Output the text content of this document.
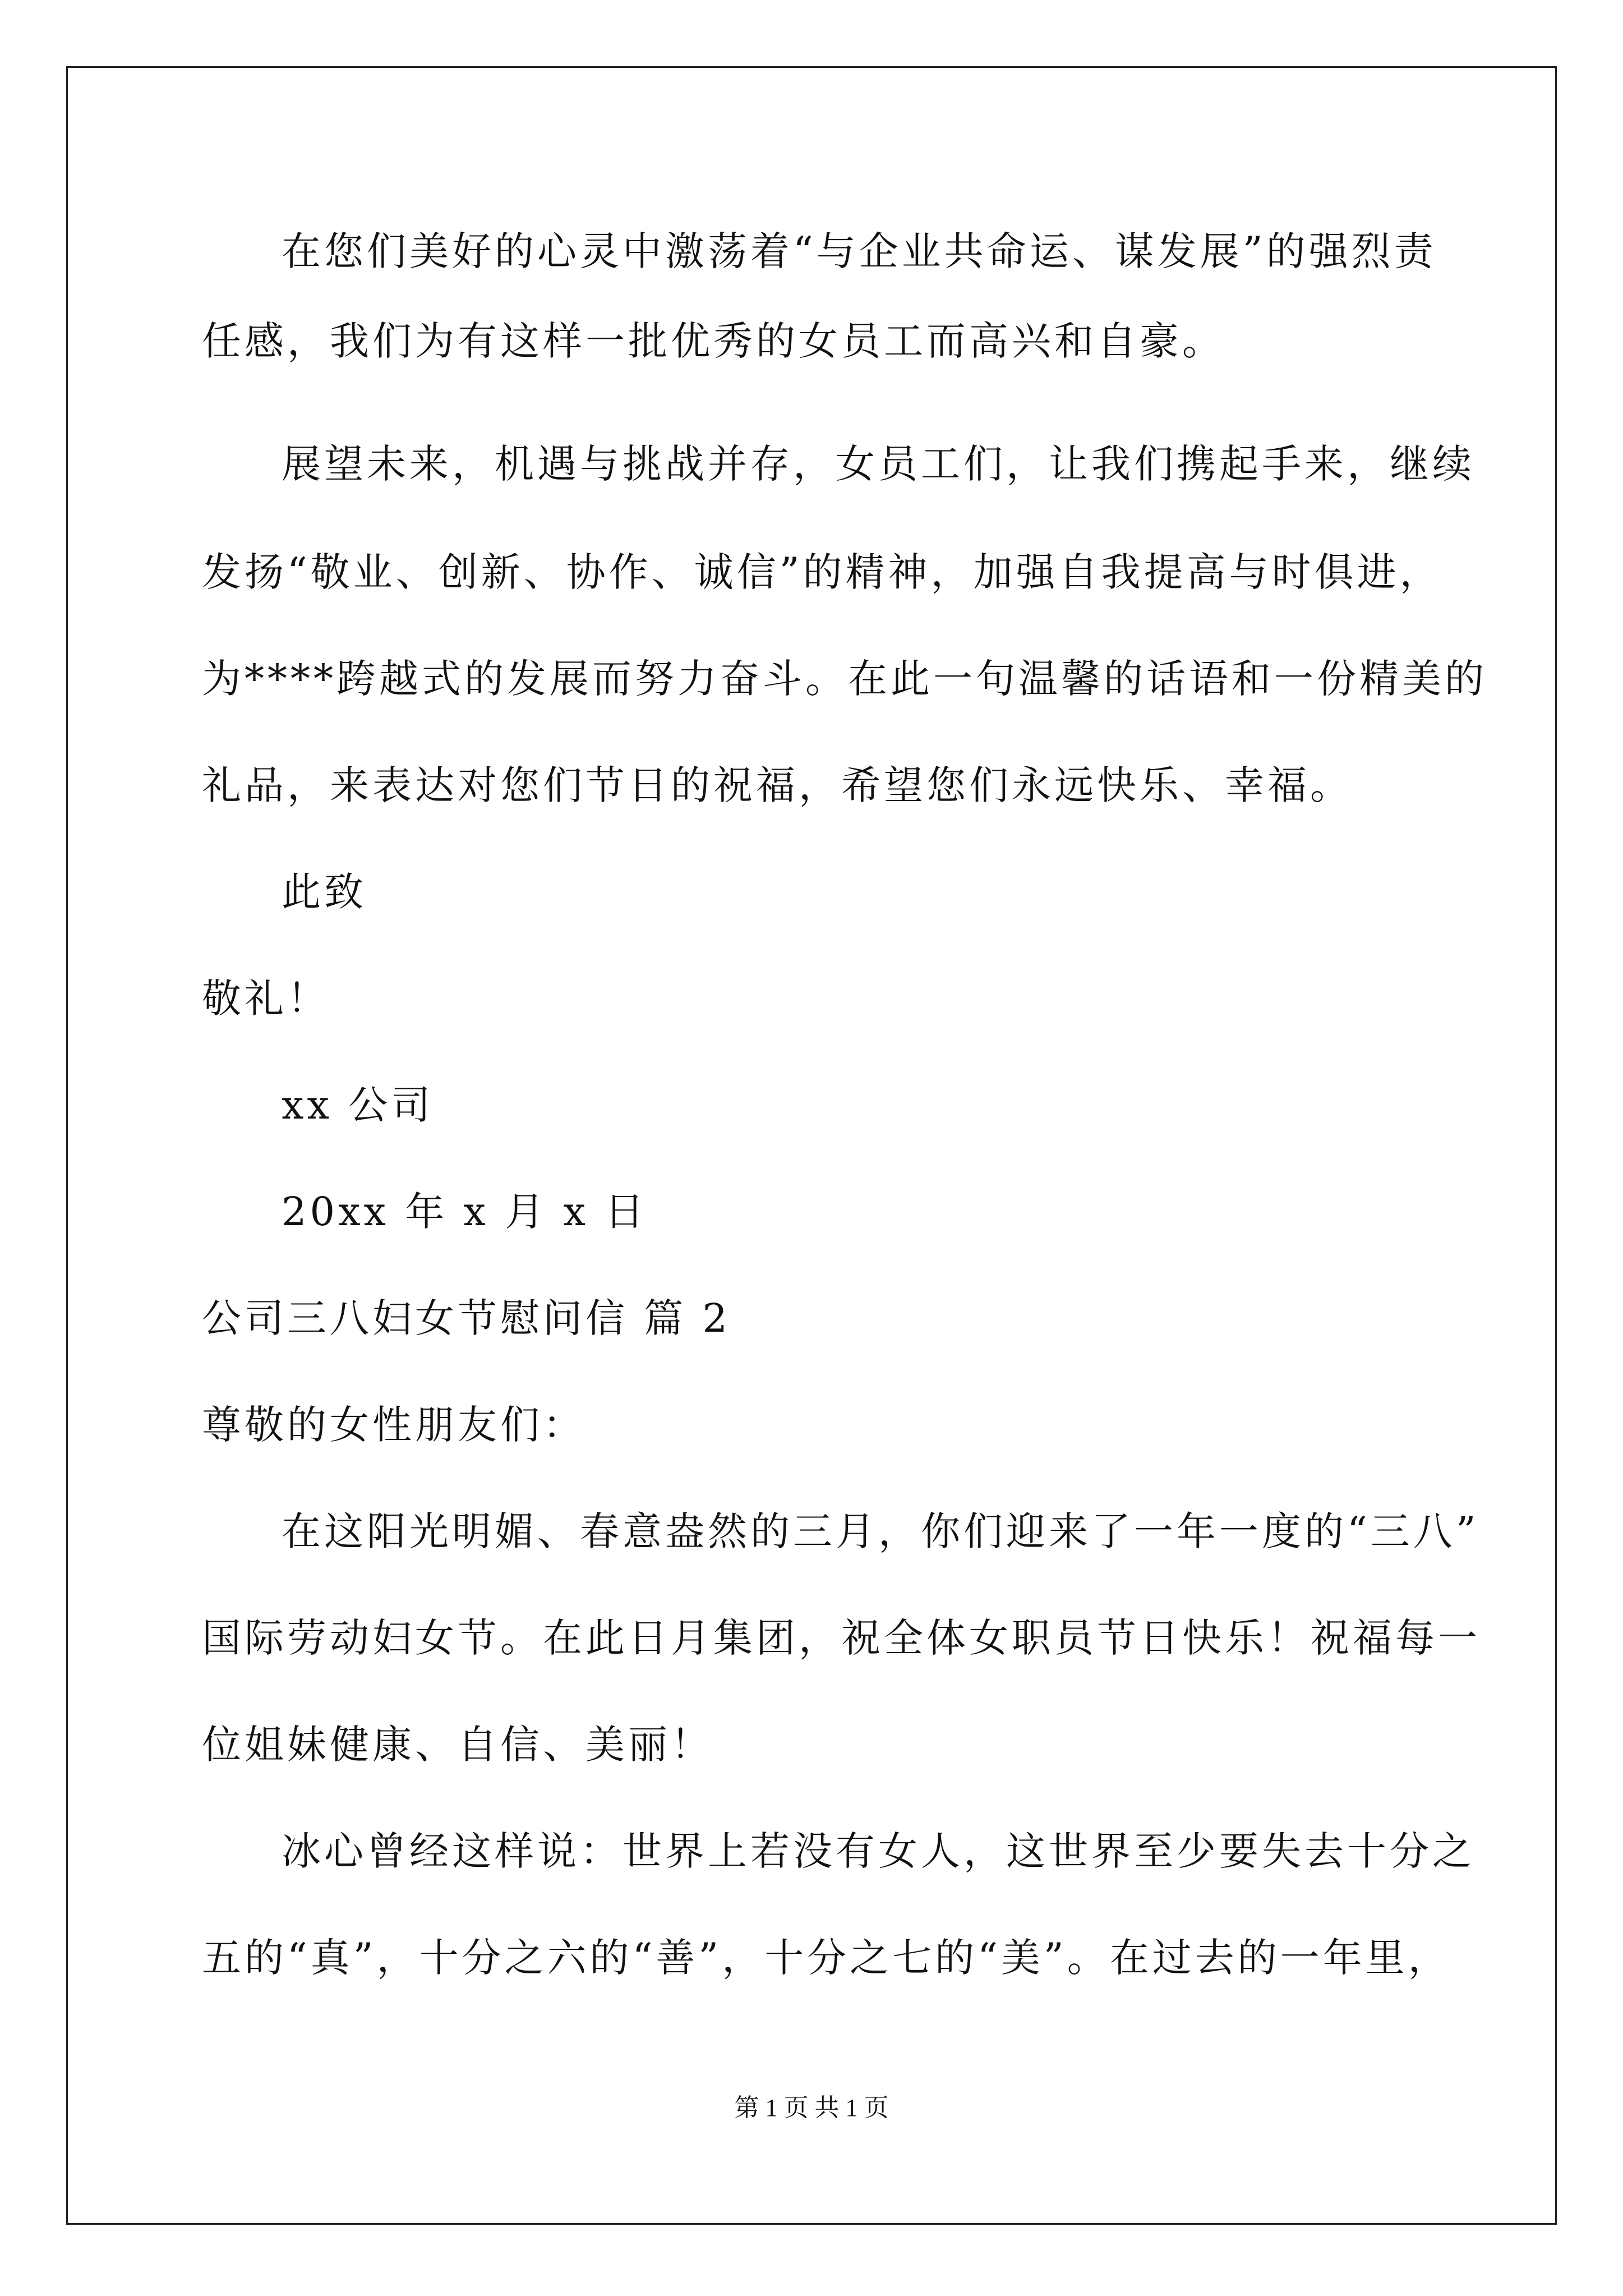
在您们美好的心灵中激荡着“与企业共命运、谋发展”的强烈责
任感，我们为有这样一批优秀的女员工而高兴和自豪。
展望未来，机遇与挑战并存，女员工们，让我们携起手来，继续
发扬“敬业、创新、协作、诚信”的精神，加强自我提高与时俱进，
为****跨越式的发展而努力奋斗。在此一句温馨的话语和一份精美的
礼品，来表达对您们节日的祝福，希望您们永远快乐、幸福。
此致
敬礼！
xx 公司
20xx 年 x 月 x 日
公司三八妇女节慰问信 篇 2
尊敬的女性朋友们：
在这阳光明媚、春意盎然的三月，你们迎来了一年一度的“三八”
国际劳动妇女节。在此日月集团，祝全体女职员节日快乐！祝福每一
位姐妹健康、自信、美丽！
冰心曾经这样说：世界上若没有女人，这世界至少要失去十分之
五的“真”，十分之六的“善”，十分之七的“美”。在过去的一年里，
第 1 页 共 1 页
